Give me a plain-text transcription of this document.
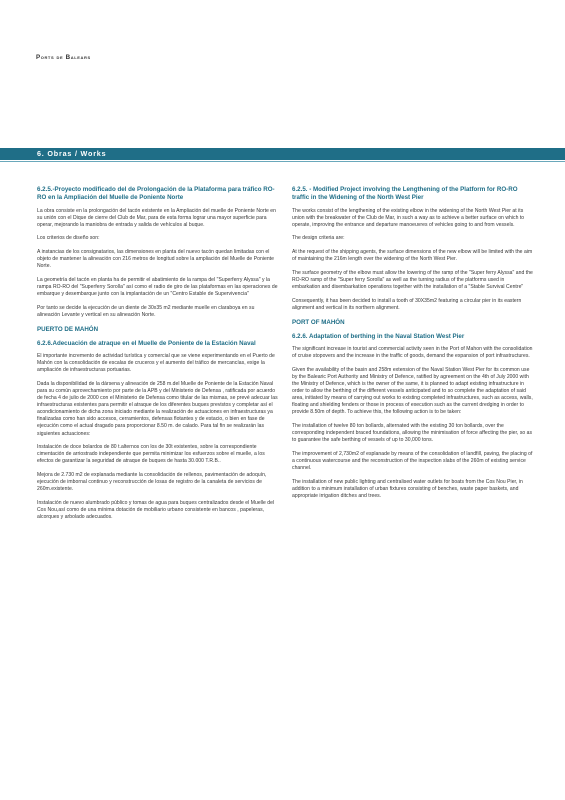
Ports de Balears
6. Obras / Works
6.2.5.-Proyecto modificado del de Prolongación de la Plataforma para tráfico RO-RO en la Ampliación del Muelle de Poniente Norte

La obra consiste en la prolongación del tacón existente en la Ampliación del muelle de Poniente Norte en su unión con el Dique de cierre del Club de Mar, para de esta forma lograr una mayor superficie para operar, mejorando la maniobra de entrada y salida de vehículos al buque.

Los criterios de diseño son:

A instancias de los consignatarios, las dimensiones en planta del nuevo tacón quedan limitadas con el objeto de mantener la alineación con 216 metros de longitud sobre la ampliación del Muelle de Poniente Norte.

La geometría del tacón en planta ha de permitir el abatimiento de la rampa del "Superferry Alyssa" y la rampa RO-RO del "Superferry Sorolla" así como el radio de giro de las plataformas en las operaciones de embarque y desembarque junto con la implantación de un "Centro Estable de Supervivencia"

Por tanto se decide la ejecución de un diente de 30x35 m2 mediante muelle en claraboya en su alineación Levante y vertical en su alineación Norte.

PUERTO DE MAHÓN
6.2.6.Adecuación de atraque en el Muelle de Poniente de la Estación Naval

El importante incremento de actividad turística y comercial que se viene experimentando en el Puerto de Mahón con la consolidación de escalas de cruceros y el aumento del tráfico de mercancías, exige la ampliación de infraestructuras portuarias.

Dada la disponibilidad de la dársena y alineación de 258 m.del Muelle de Poniente de la Estación Naval para su común aprovechamiento por parte de la APB y del Ministerio de Defensa , ratificada por acuerdo de fecha 4 de julio de 2000 con el Ministerio de Defensa como titular de las mismas, se prevé adecuar las infraestructuras existentes para permitir el atraque de los diferentes buques previstos y completar así el acondicionamiento de dicha zona iniciado mediante la realización de actuaciones en infraestructuras ya finalizadas como han sido accesos, cerramientos, defensas flotantes y de estacio, o bien en fase de ejecución como el actual dragado para proporcionar 8.50 m. de calado. Para tal fin se realizarán las siguientes actuaciones:

Instalación de doce bolardos de 80 t.alternos con los de 30t existentes, sobre la correspondiente cimentación de arriostrado independiente que permita minimizar los esfuerzos sobre el muelle, a los efectos de garantizar la seguridad de atraque de buques de hasta 30.000 T.R.B..

Mejora de 2.730 m2 de explanada mediante la consolidación de rellenos, pavimentación de adoquín, ejecución de imbornal continuo y reconstrucción de losas de registro de la canaleta de servicios de 260m.existente.

Instalación de nuevo alumbrado público y tomas de agua para buques centralizados desde el Muelle del Cos Nou,así como de una mínima dotación de mobiliario urbano consistente en bancos , papeleras, alcorques y arbolado adecuados.

6.2.5. - Modified Project involving the Lengthening of the Platform for RO-RO traffic in the Widening of the North West Pier

The works consist of the lengthening of the existing elbow in the widening of the North West Pier at its union with the breakwater of the Club de Mar, in such a way as to achieve a better surface on which to operate, improving the entrance and departure manoeuvres of vehicles going to and from vessels.

The design criteria are:

At the request of the shipping agents, the surface dimensions of the new elbow will be limited with the aim of maintaining the 216m length over the widening of the North West Pier.

The surface geometry of the elbow must allow the lowering of the ramp of the "Super ferry Alyssa" and the RO-RO ramp of the "Super ferry Sorolla" as well as the turning radius of the platforms used in embarkation and disembarkation operations together with the installation of a "Stable Survival Centre"

Consequently, it has been decided to install a tooth of 30X35m2 featuring a circular pier in its eastern alignment and vertical in its northern alignment.

PORT OF MAHÓN
6.2.6. Adaptation of berthing in the Naval Station West Pier

The significant increase in tourist and commercial activity seen in the Port of Mahon with the consolidation of cruise stopovers and the increase in the traffic of goods, demand the expansion of port infrastructures.

Given the availability of the basin and 258m extension of the Naval Station West Pier for its common use by the Balearic Port Authority and Ministry of Defence, ratified by agreement on the 4th of July 2000 with the Ministry of Defence, which is the owner of the same, it is planned to adapt existing infrastructure in order to allow the berthing of the different vessels anticipated and to so complete the adaptation of said area, initiated by means of carrying out works to existing completed infrastructures, such as access, walls, floating and shielding fenders or those in process of execution such as the current dredging in order to provide 8.50m of depth. To achieve this, the following action is to be taken:

The installation of twelve 80 ton bollards, alternated with the existing 30 ton bollards, over the corresponding independent braced foundations, allowing the minimisation of force affecting the pier, so as to guarantee the safe berthing of vessels of up to 30,000 tons.

The improvement of 2,730m2 of esplanade by means of the consolidation of landfill, paving, the placing of a continuous watercourse and the reconstruction of the inspection slabs of the 260m of existing service channel.

The installation of new public lighting and centralised water outlets for boats from the Cos Nou Pier, in addition to a minimum installation of urban fixtures consisting of benches, waste paper baskets, and appropriate irrigation ditches and trees.
